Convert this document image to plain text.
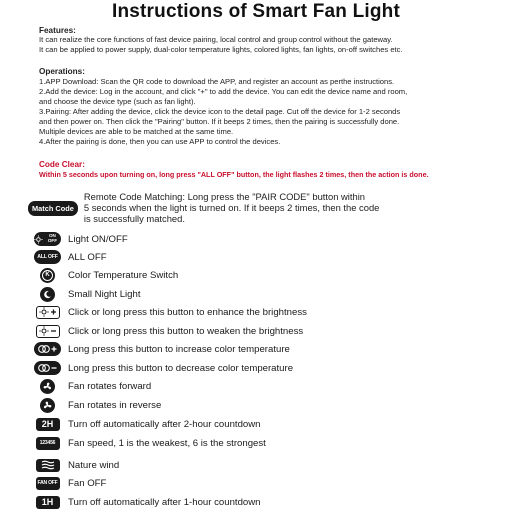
Instructions of Smart Fan Light
Features:
It can realize the core functions of fast device pairing, local control and group control without the gateway.
It can be applied to power supply, dual-color temperature lights, colored lights, fan lights, on-off switches etc.
Operations:
1.APP Download: Scan the QR code to download the APP, and register an account as perthe instructions.
2.Add the device: Log in the account, and click "+" to add the device. You can edit the device name and room,
and choose the device type (such as fan light).
3.Pairing: After adding the device, click the device icon to the detail page. Cut off the device for 1-2 seconds
and then power on. Then click the "Pairing" button. If it beeps 2 times, then the pairing is successfully done.
Multiple devices are able to be matched at the same time.
4.After the pairing is done, then you can use APP to control the devices.
Code Clear:
Within 5 seconds upon turning on, long press "ALL OFF" button, the light flashes 2 times, then the action is done.
Match Code
Remote Code Matching: Long press the "PAIR CODE" button within
5 seconds when the light is turned on. If it beeps 2 times, then the code
is successfully matched.
ON OFF	Light ON/OFF
ALL OFF	ALL OFF
K	Color Temperature Switch
Small Night Light
Click or long press this button to enhance the brightness
Click or long press this button to weaken the brightness
Long press this button to increase color temperature
Long press this button to decrease color temperature
Fan rotates forward
Fan rotates in reverse
2H	Turn off automatically after 2-hour countdown
123456	Fan speed, 1 is the weakest, 6 is the strongest
Nature wind
FAN OFF Fan OFF
1H	Turn off automatically after 1-hour countdown
